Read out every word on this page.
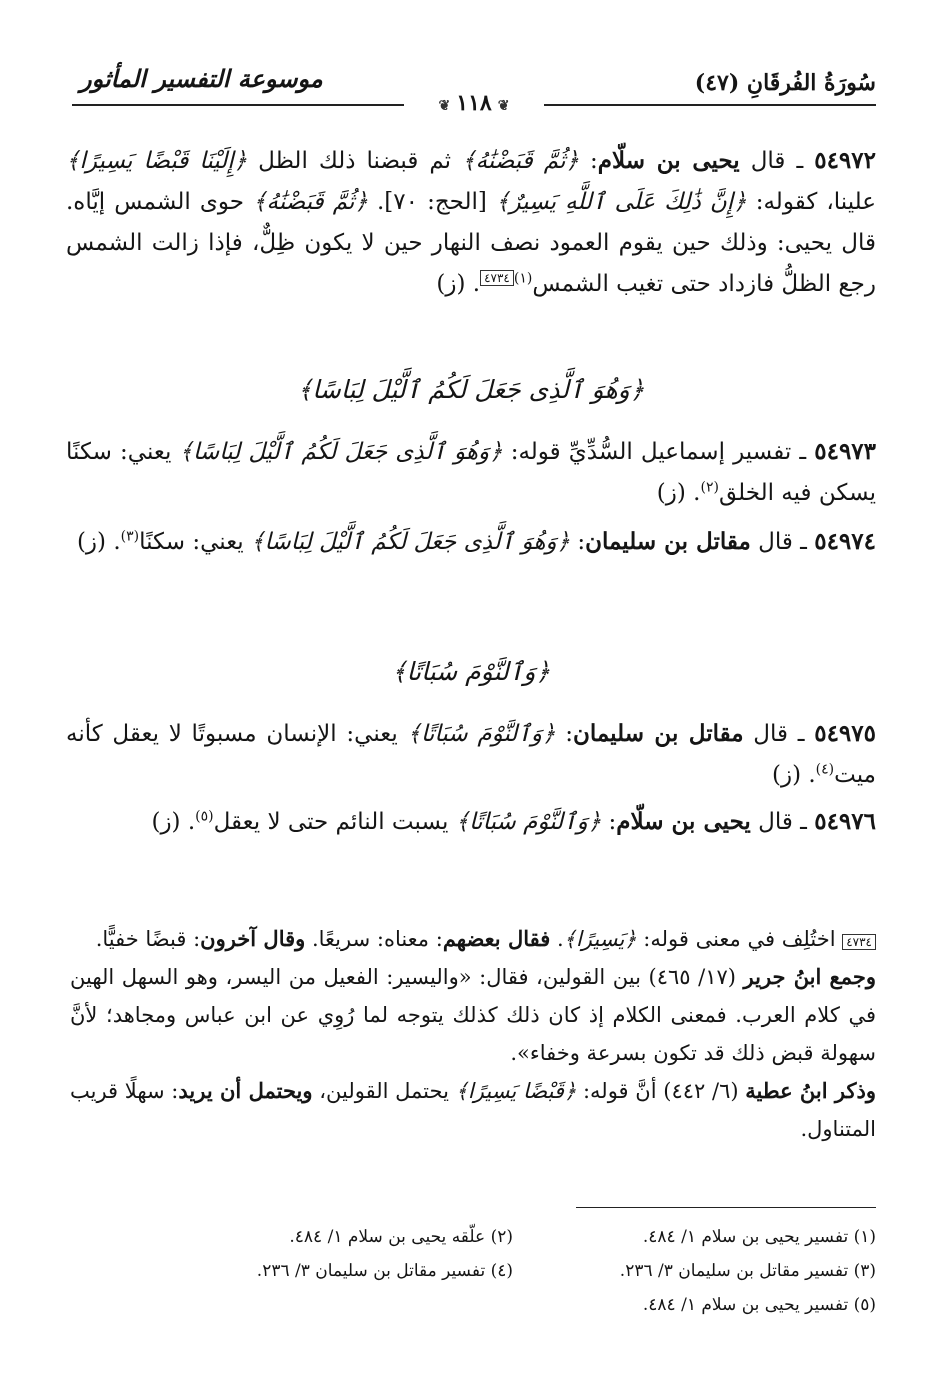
سُورَةُ الفُرقَانِ (٤٧)
موسوعة التفسير المأثور
❦١١٨❦

٥٤٩٧٢ ـ قال يحيى بن سلّام: ﴿ثُمَّ قَبَضْنَٰهُ﴾ ثم قبضنا ذلك الظل ﴿إِلَيْنَا قَبْضًا يَسِيرًا﴾ علينا، كقوله: ﴿إِنَّ ذَٰلِكَ عَلَى ٱللَّهِ يَسِيرٌ﴾ [الحج: ٧٠]. ﴿ثُمَّ قَبَضْنَٰهُ﴾ حوى الشمس إيَّاه. قال يحيى: وذلك حين يقوم العمود نصف النهار حين لا يكون ظِلٌّ، فإذا زالت الشمس رجع الظلُّ فازداد حتى تغيب الشمس$^{(١)}$٤٧٣٤. (ز)

﴿وَهُوَ ٱلَّذِى جَعَلَ لَكُمُ ٱلَّيْلَ لِبَاسًا﴾

٥٤٩٧٣ ـ تفسير إسماعيل السُّدِّيِّ قوله: ﴿وَهُوَ ٱلَّذِى جَعَلَ لَكُمُ ٱلَّيْلَ لِبَاسًا﴾ يعني: سكنًا يسكن فيه الخلق$^{(٢)}$. (ز)

٥٤٩٧٤ ـ قال مقاتل بن سليمان: ﴿وَهُوَ ٱلَّذِى جَعَلَ لَكُمُ ٱلَّيْلَ لِبَاسًا﴾ يعني: سكنًا$^{(٣)}$. (ز)

﴿وَٱلنَّوْمَ سُبَاتًا﴾

٥٤٩٧٥ ـ قال مقاتل بن سليمان: ﴿وَٱلنَّوْمَ سُبَاتًا﴾ يعني: الإنسان مسبوتًا لا يعقل كأنه ميت$^{(٤)}$. (ز)

٥٤٩٧٦ ـ قال يحيى بن سلّام: ﴿وَٱلنَّوْمَ سُبَاتًا﴾ يسبت النائم حتى لا يعقل$^{(٥)}$. (ز)

٤٧٣٤ اختُلِف في معنى قوله: ﴿يَسِيرًا﴾. فقال بعضهم: معناه: سريعًا. وقال آخرون: قبضًا خفيًّا.

وجمع ابنُ جرير (١٧/ ٤٦٥) بين القولين، فقال: «واليسير: الفعيل من اليسر، وهو السهل الهين في كلام العرب. فمعنى الكلام إذ كان ذلك كذلك يتوجه لما رُوِي عن ابن عباس ومجاهد؛ لأنَّ سهولة قبض ذلك قد تكون بسرعة وخفاء».

وذكر ابنُ عطية (٦/ ٤٤٢) أنَّ قوله: ﴿قَبْضًا يَسِيرًا﴾ يحتمل القولين، ويحتمل أن يريد: سهلًا قريب المتناول.

(١) تفسير يحيى بن سلام ١/ ٤٨٤.
(٣) تفسير مقاتل بن سليمان ٣/ ٢٣٦.
(٥) تفسير يحيى بن سلام ١/ ٤٨٤.
(٢) علّقه يحيى بن سلام ١/ ٤٨٤.
(٤) تفسير مقاتل بن سليمان ٣/ ٢٣٦.
